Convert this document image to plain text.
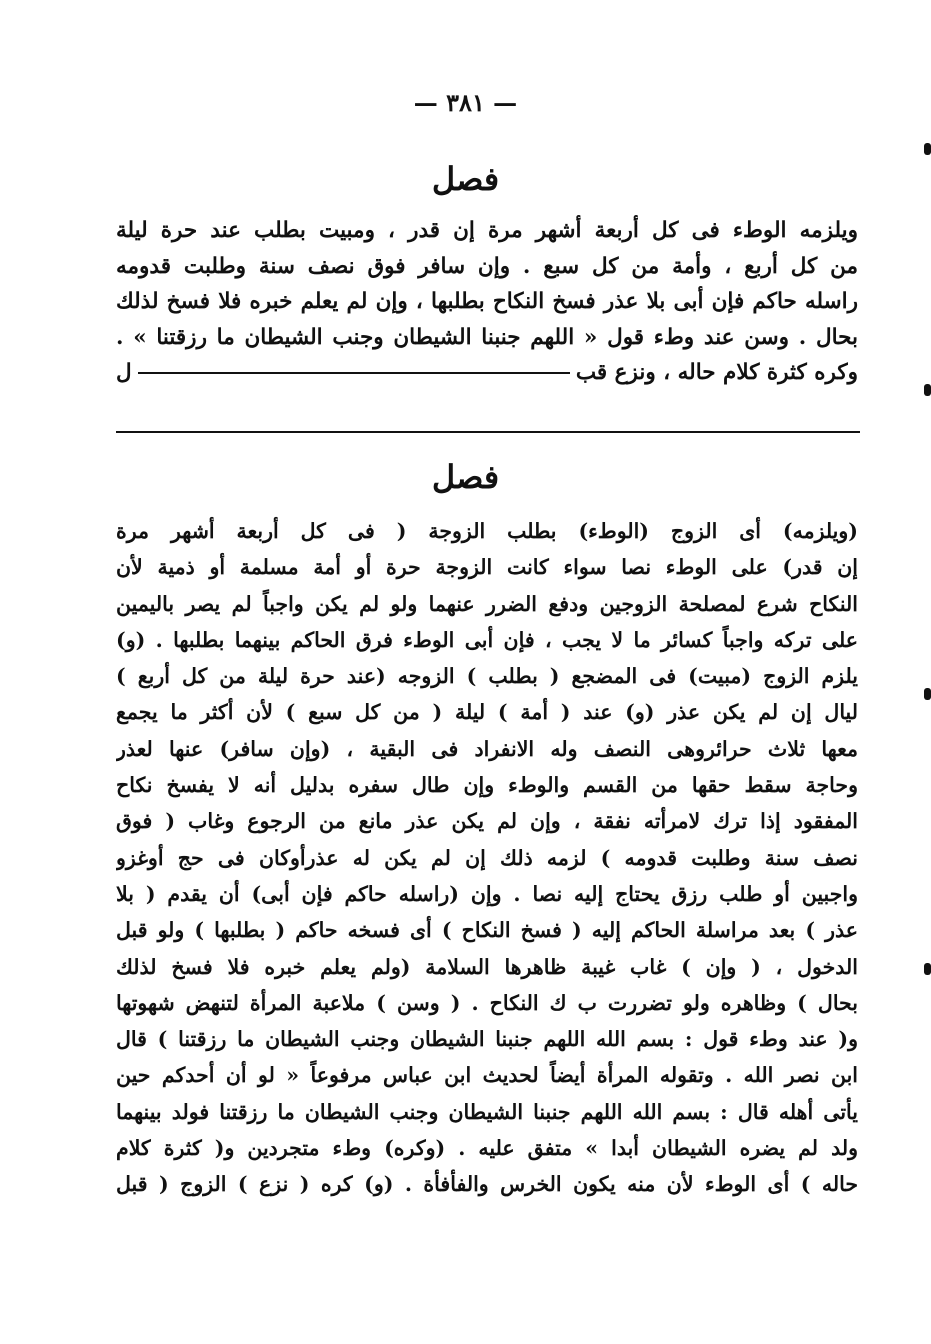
— ٣٨١ —
فصل
ويلزمه الوطء فى كل أربعة أشهر مرة إن قدر ، ومبيت بطلب عند حرة ليلة
من كل أربع ، وأمة من كل سبع . وإن سافر فوق نصف سنة وطلبت قدومه
راسله حاكم فإن أبى بلا عذر فسخ النكاح بطلبها ، وإن لم يعلم خبره فلا فسخ لذلك
بحال . وسن عند وطء قول « اللهم جنبنا الشيطان وجنب الشيطان ما رزقتنا » .
وكره كثرة كلام حاله ، ونزع قب
ل
فصل
(ويلزمه) أى الزوج (الوطء) بطلب الزوجة ( فى كل أربعة أشهر مرة
إن قدر) على الوطء نصا سواء كانت الزوجة حرة أو أمة مسلمة أو ذمية لأن
النكاح شرع لمصلحة الزوجين ودفع الضرر عنهما ولو لم يكن واجباً لم يصر باليمين
على تركه واجباً كسائر ما لا يجب ، فإن أبى الوطء فرق الحاكم بينهما بطلبها . (و)
يلزم الزوج (مبيت) فى المضجع ( بطلب ) الزوجه (عند حرة ليلة من كل أربع )
ليال إن لم يكن عذر (و) عند ( أمة ) ليلة ( من كل سبع ) لأن أكثر ما يجمع
معها ثلاث حرائروهى النصف وله الانفراد فى البقية ، (وإن سافر) عنها لعذر
وحاجة سقط حقها من القسم والوطء وإن طال سفره بدليل أنه لا يفسخ نكاح
المفقود إذا ترك لامرأته نفقة ، وإن لم يكن عذر مانع من الرجوع وغاب ( فوق
نصف سنة وطلبت قدومه ) لزمه ذلك إن لم يكن له عذرأوكان فى حج أوغزو
واجبين أو طلب رزق يحتاج إليه نصا . وإن (راسله حاكم فإن أبى) أن يقدم ( بلا
عذر ) بعد مراسلة الحاكم إليه ( فسخ النكاح ) أى فسخه حاكم ( بطلبها ) ولو قبل
الدخول ، ( وإن ) غاب غيبة ظاهرها السلامة (ولم يعلم خبره فلا فسخ لذلك
بحال ) وظاهره ولو تضررت ب ك النكاح . ( وسن ) ملاعبة المرأة لتنهض شهوتها
و( عند وطء قول : بسم الله اللهم جنبنا الشيطان وجنب الشيطان ما رزقتنا ) قال
ابن نصر الله . وتقوله المرأة أيضاً لحديث ابن عباس مرفوعاً « لو أن أحدكم حين
يأتى أهله قال : بسم الله اللهم جنبنا الشيطان وجنب الشيطان ما رزقتنا فولد بينهما
ولد لم يضره الشيطان أبدا » متفق عليه . (وكره) وطء متجردين و( كثرة كلام
حاله ) أى الوطء لأن منه يكون الخرس والفأفأة . (و) كره ( نزع ) الزوج ( قبل
